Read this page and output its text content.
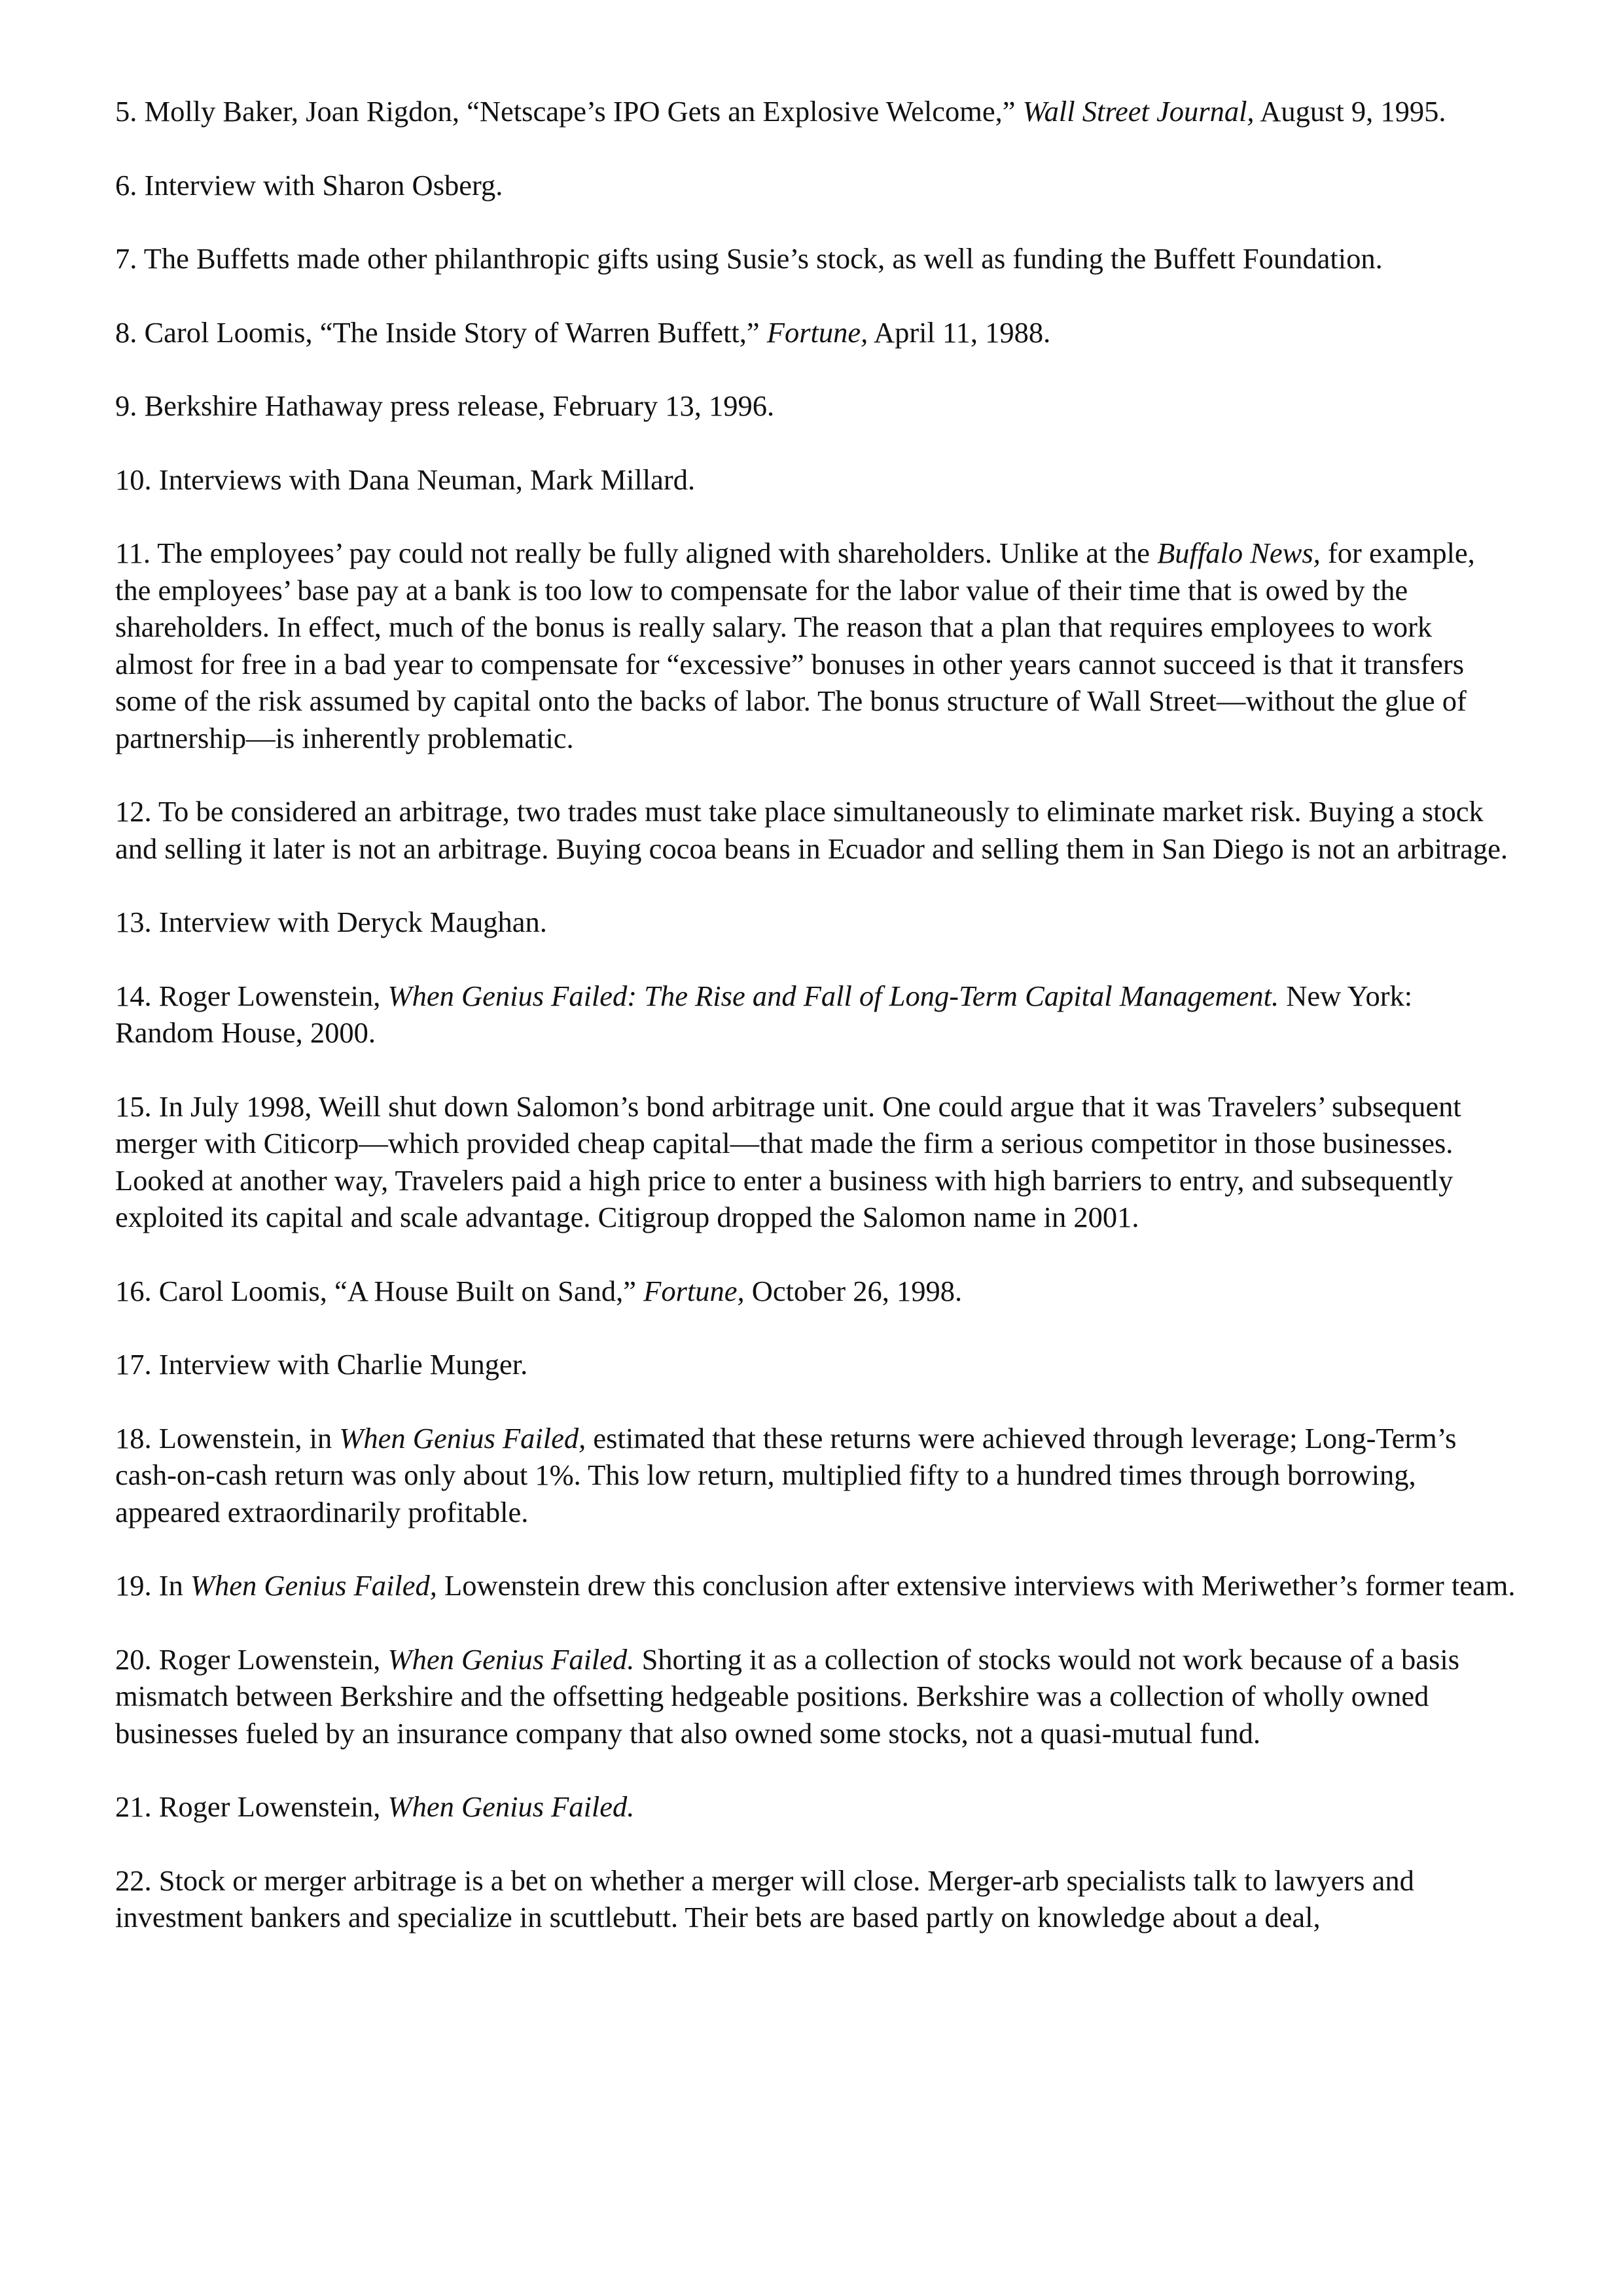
5. Molly Baker, Joan Rigdon, “Netscape’s IPO Gets an Explosive Welcome,” Wall Street Journal, August 9, 1995.
6. Interview with Sharon Osberg.
7. The Buffetts made other philanthropic gifts using Susie’s stock, as well as funding the Buffett Foundation.
8. Carol Loomis, “The Inside Story of Warren Buffett,” Fortune, April 11, 1988.
9. Berkshire Hathaway press release, February 13, 1996.
10. Interviews with Dana Neuman, Mark Millard.
11. The employees’ pay could not really be fully aligned with shareholders. Unlike at the Buffalo News, for example, the employees’ base pay at a bank is too low to compensate for the labor value of their time that is owed by the shareholders. In effect, much of the bonus is really salary. The reason that a plan that requires employees to work almost for free in a bad year to compensate for “excessive” bonuses in other years cannot succeed is that it transfers some of the risk assumed by capital onto the backs of labor. The bonus structure of Wall Street—without the glue of partnership—is inherently problematic.
12. To be considered an arbitrage, two trades must take place simultaneously to eliminate market risk. Buying a stock and selling it later is not an arbitrage. Buying cocoa beans in Ecuador and selling them in San Diego is not an arbitrage.
13. Interview with Deryck Maughan.
14. Roger Lowenstein, When Genius Failed: The Rise and Fall of Long-Term Capital Management. New York: Random House, 2000.
15. In July 1998, Weill shut down Salomon’s bond arbitrage unit. One could argue that it was Travelers’ subsequent merger with Citicorp—which provided cheap capital—that made the firm a serious competitor in those businesses. Looked at another way, Travelers paid a high price to enter a business with high barriers to entry, and subsequently exploited its capital and scale advantage. Citigroup dropped the Salomon name in 2001.
16. Carol Loomis, “A House Built on Sand,” Fortune, October 26, 1998.
17. Interview with Charlie Munger.
18. Lowenstein, in When Genius Failed, estimated that these returns were achieved through leverage; Long-Term’s cash-on-cash return was only about 1%. This low return, multiplied fifty to a hundred times through borrowing, appeared extraordinarily profitable.
19. In When Genius Failed, Lowenstein drew this conclusion after extensive interviews with Meriwether’s former team.
20. Roger Lowenstein, When Genius Failed. Shorting it as a collection of stocks would not work because of a basis mismatch between Berkshire and the offsetting hedgeable positions. Berkshire was a collection of wholly owned businesses fueled by an insurance company that also owned some stocks, not a quasi-mutual fund.
21. Roger Lowenstein, When Genius Failed.
22. Stock or merger arbitrage is a bet on whether a merger will close. Merger-arb specialists talk to lawyers and investment bankers and specialize in scuttlebutt. Their bets are based partly on knowledge about a deal,
